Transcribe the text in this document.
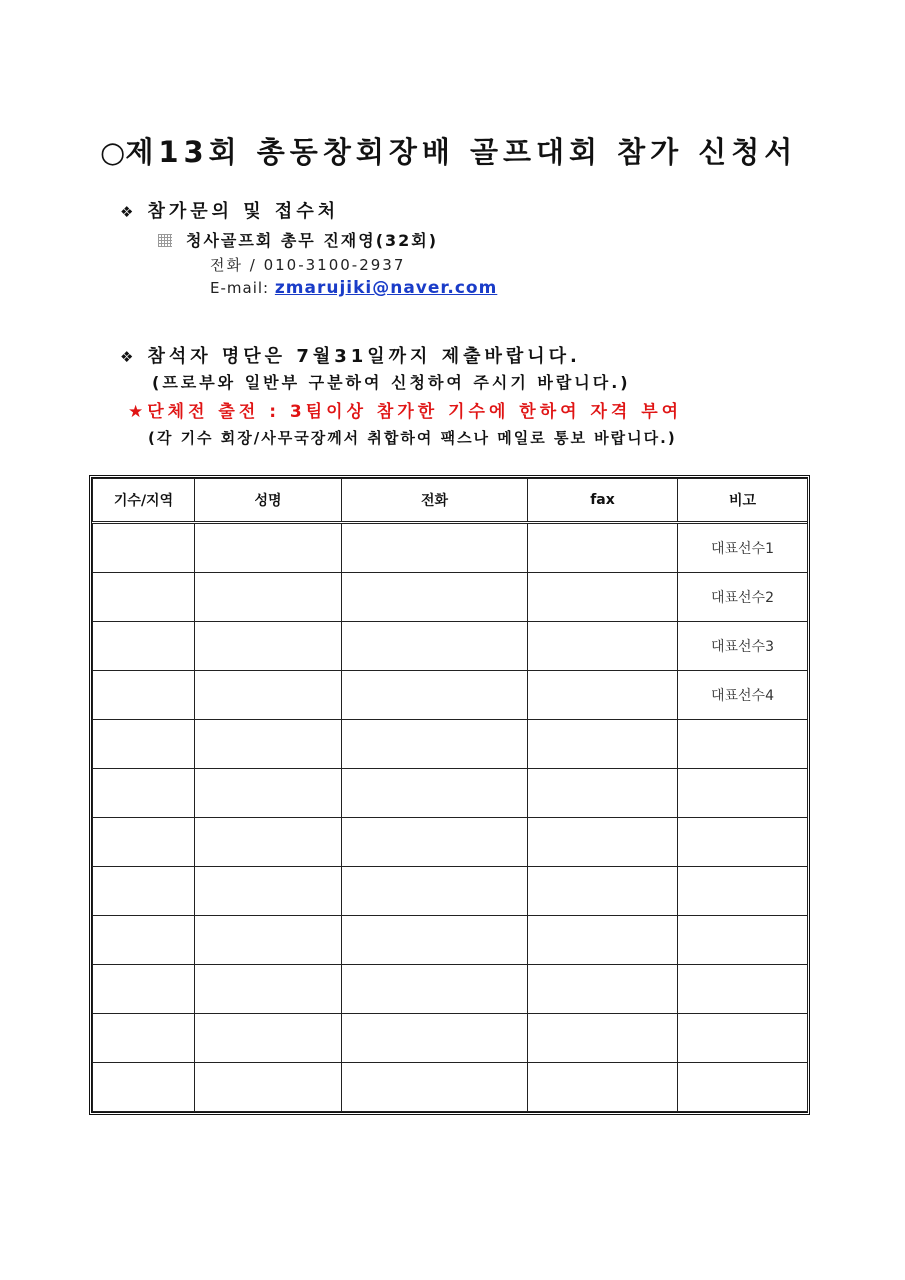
○제13회 총동창회장배 골프대회 참가 신청서
❖ 참가문의 및 접수처
청사골프회 총무 진재영(32회)
전화 / 010-3100-2937
E-mail: zmarujiki@naver.com
❖ 참석자 명단은 7월31일까지 제출바랍니다.
(프로부와 일반부 구분하여 신청하여 주시기 바랍니다.)
★단체전 출전 : 3팀이상 참가한 기수에 한하여 자격 부여
(각 기수 회장/사무국장께서 취합하여 팩스나 메일로 통보 바랍니다.)
기수/지역	성명	전화	fax	비고
				대표선수1
				대표선수2
				대표선수3
				대표선수4
